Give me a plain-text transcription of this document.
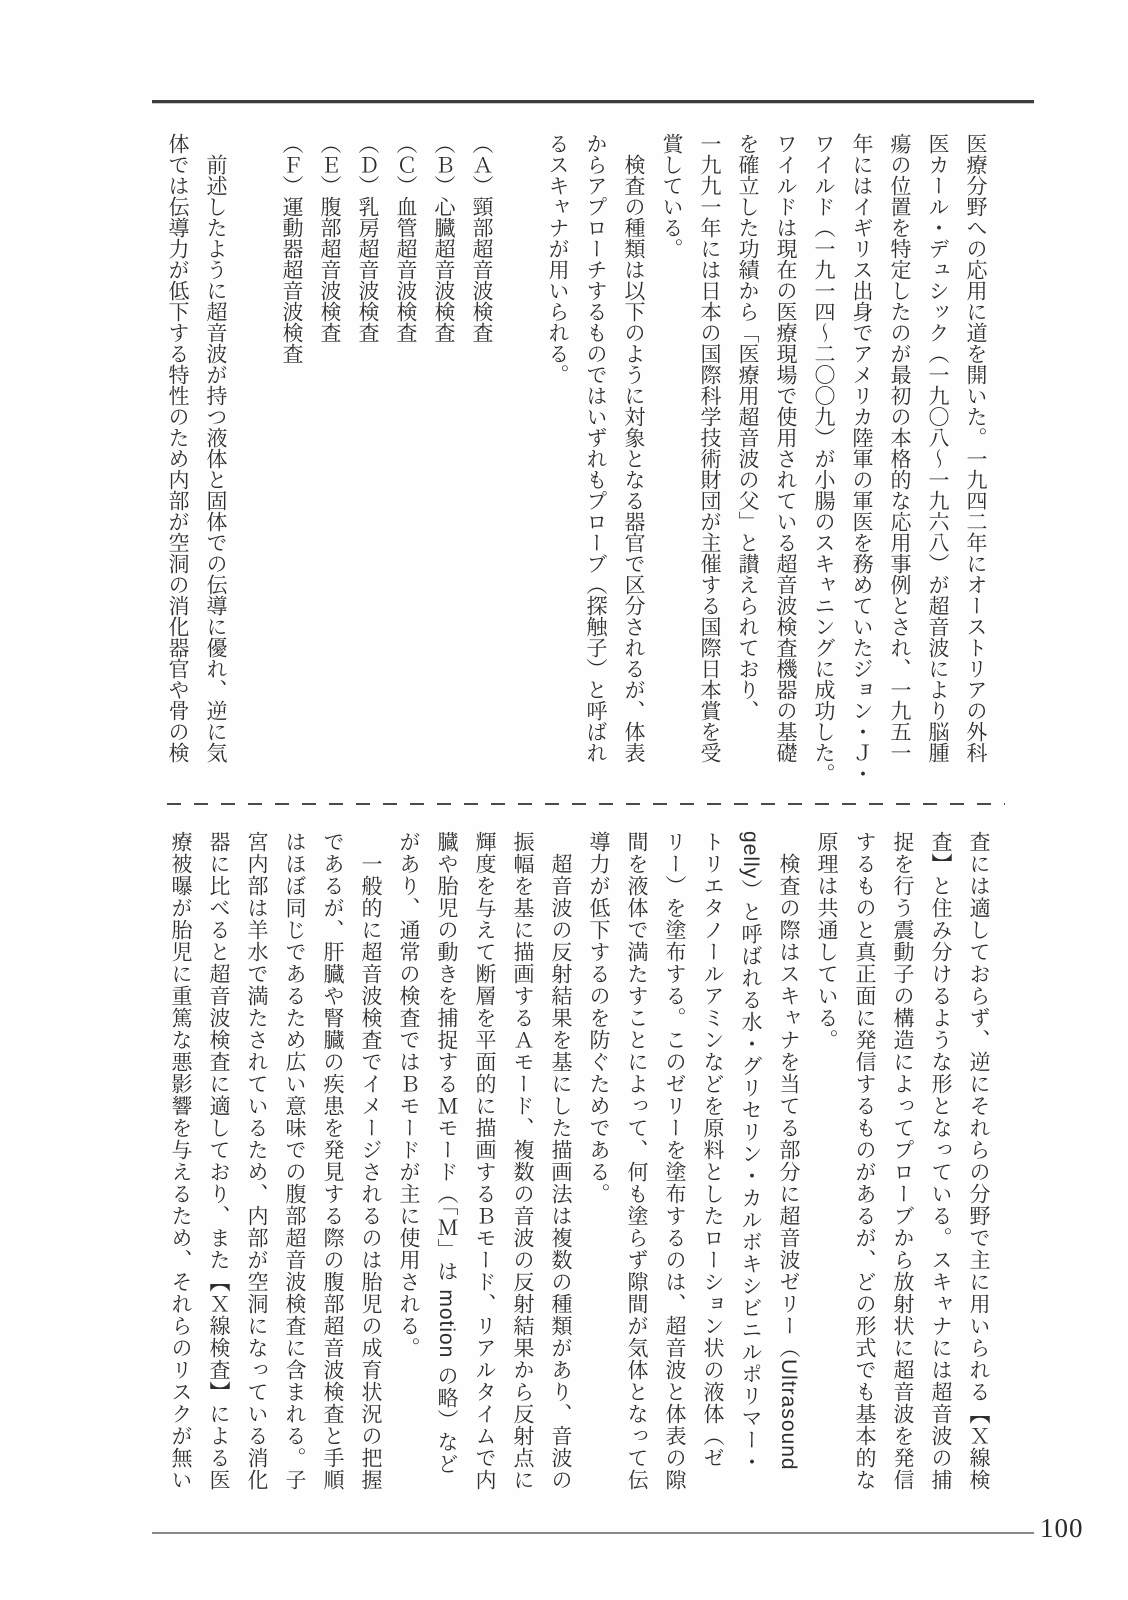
医療分野への応用に道を開いた。一九四二年にオーストリアの外科
医カール・デュシック（一九〇八～一九六八）が超音波により脳腫
瘍の位置を特定したのが最初の本格的な応用事例とされ、一九五一
年にはイギリス出身でアメリカ陸軍の軍医を務めていたジョン・Ｊ・
ワイルド（一九一四～二〇〇九）が小腸のスキャニングに成功した。
ワイルドは現在の医療現場で使用されている超音波検査機器の基礎
を確立した功績から「医療用超音波の父」と讃えられており、
一九九一年には日本の国際科学技術財団が主催する国際日本賞を受
賞している。
　検査の種類は以下のように対象となる器官で区分されるが、体表
からアプローチするものではいずれもプローブ（探触子）と呼ばれ
るスキャナが用いられる。
（Ａ）頸部超音波検査
（Ｂ）心臓超音波検査
（Ｃ）血管超音波検査
（Ｄ）乳房超音波検査
（Ｅ）腹部超音波検査
（Ｆ）運動器超音波検査
　前述したように超音波が持つ液体と固体での伝導に優れ、逆に気
体では伝導力が低下する特性のため内部が空洞の消化器官や骨の検
査には適しておらず、逆にそれらの分野で主に用いられる【Ｘ線検
査】と住み分けるような形となっている。スキャナには超音波の捕
捉を行う震動子の構造によってプローブから放射状に超音波を発信
するものと真正面に発信するものがあるが、どの形式でも基本的な
原理は共通している。
　検査の際はスキャナを当てる部分に超音波ゼリー（Ultrasound
gelly）と呼ばれる水・グリセリン・カルボキシビニルポリマー・
トリエタノールアミンなどを原料としたローション状の液体（ゼ
リー）を塗布する。このゼリーを塗布するのは、超音波と体表の隙
間を液体で満たすことによって、何も塗らず隙間が気体となって伝
導力が低下するのを防ぐためである。
　超音波の反射結果を基にした描画法は複数の種類があり、音波の
振幅を基に描画するＡモード、複数の音波の反射結果から反射点に
輝度を与えて断層を平面的に描画するＢモード、リアルタイムで内
臓や胎児の動きを捕捉するＭモード（「Ｍ」は motion の略）など
があり、通常の検査ではＢモードが主に使用される。
　一般的に超音波検査でイメージされるのは胎児の成育状況の把握
であるが、肝臓や腎臓の疾患を発見する際の腹部超音波検査と手順
はほぼ同じであるため広い意味での腹部超音波検査に含まれる。子
宮内部は羊水で満たされているため、内部が空洞になっている消化
器に比べると超音波検査に適しており、また【Ｘ線検査】による医
療被曝が胎児に重篤な悪影響を与えるため、それらのリスクが無い
100
